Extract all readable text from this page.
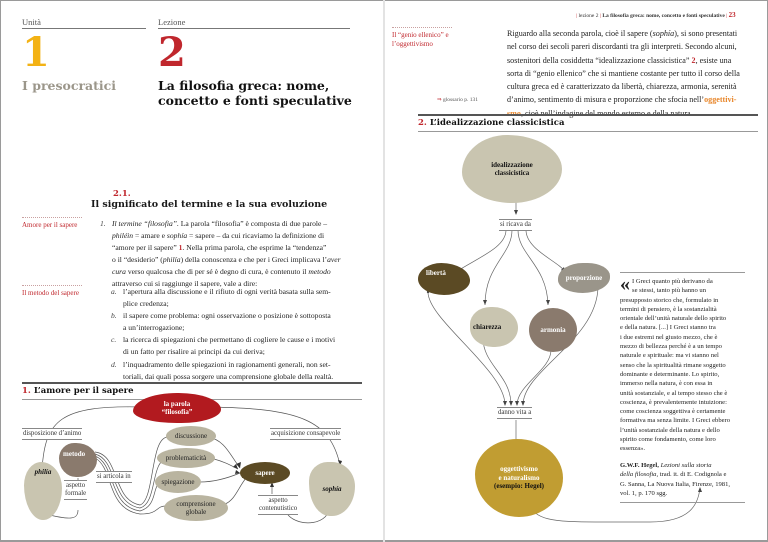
Unità
1
I presocratici
Lezione
2
La filosofia greca: nome,
concetto e fonti speculative
2.1.
Il significato del termine e la sua evoluzione
Amore per il sapere
Il metodo del sapere
1. Il termine “filosofia”. La parola “filosofia” è composta di due parole –
philéin = amare e sophía = sapere – da cui ricaviamo la definizione di
“amore per il sapere” 1. Nella prima parola, che esprime la “tendenza”
o il “desiderio” (philía) della conoscenza e che per i Greci implicava l’aver
cura verso qualcosa che di per sé è degno di cura, è contenuto il metodo
attraverso cui si raggiunge il sapere, vale a dire:
a. l’apertura alla discussione e il rifiuto di ogni verità basata sulla sem-
plice credenza;
b. il sapere come problema: ogni osservazione o posizione è sottoposta
a un’interrogazione;
c. la ricerca di spiegazioni che permettano di cogliere le cause e i motivi
di un fatto per risalire ai principi da cui deriva;
d. l’inquadramento delle spiegazioni in ragionamenti generali, non set-
toriali, dai quali possa sorgere una comprensione globale della realtà.
1. L’amore per il sapere
la parola
“filosofia”
metodo
philía
disposizione d’animo
si articola in
aspetto
formale
discussione
problematicità
spiegazione
comprensione
globale
sapere
acquisizione consapevole
aspetto
contenutistico
sophía
| lezione 2 | La filosofia greca: nome, concetto e fonti speculative | 23
Il “genio ellenico” e
l’oggettivismo
⇒ glossario p. 131
Riguardo alla seconda parola, cioè il sapere (sophía), si sono presentati
nel corso dei secoli pareri discordanti tra gli interpreti. Secondo alcuni,
sostenitori della cosiddetta “idealizzazione classicistica” 2, esiste una
sorta di “genio ellenico” che si mantiene costante per tutto il corso della
cultura greca ed è caratterizzato da libertà, chiarezza, armonia, serenità
d’animo, sentimento di misura e proporzione che sfocia nell’oggettivi-
smo, cioè nell’indagine del mondo esterno e della natura.
2. L’idealizzazione classicistica
idealizzazione
classicistica
si ricava da
libertà
proporzione
chiarezza	armonia
danno vita a
oggettivismo
e naturalismo
(esempio: Hegel)
« I Greci quanto più derivano da
se stessi, tanto più hanno un
presupposto storico che, formulato in
termini di pensiero, è la sostanzialità
orientale dell’unità naturale dello spirito
e della natura. [...] I Greci stanno tra
i due estremi nel giusto mezzo, che è
mezzo di bellezza perché è a un tempo
naturale e spirituale: ma vi stanno nel
senso che la spiritualità rimane soggetto
dominante e determinante. Lo spirito,
immerso nella natura, è con essa in
unità sostanziale, e al tempo stesso che è
coscienza, è prevalentemente intuizione:
come coscienza soggettiva è certamente
formativa ma senza limite. I Greci ebbero
l’unità sostanziale della natura e dello
spirito come fondamento, come loro
essenza».
G.W.F. Hegel, Lezioni sulla storia
della filosofia, trad. it. di E. Codignola e
G. Sanna, La Nuova Italia, Firenze, 1981,
vol. 1, p. 170 sgg.
